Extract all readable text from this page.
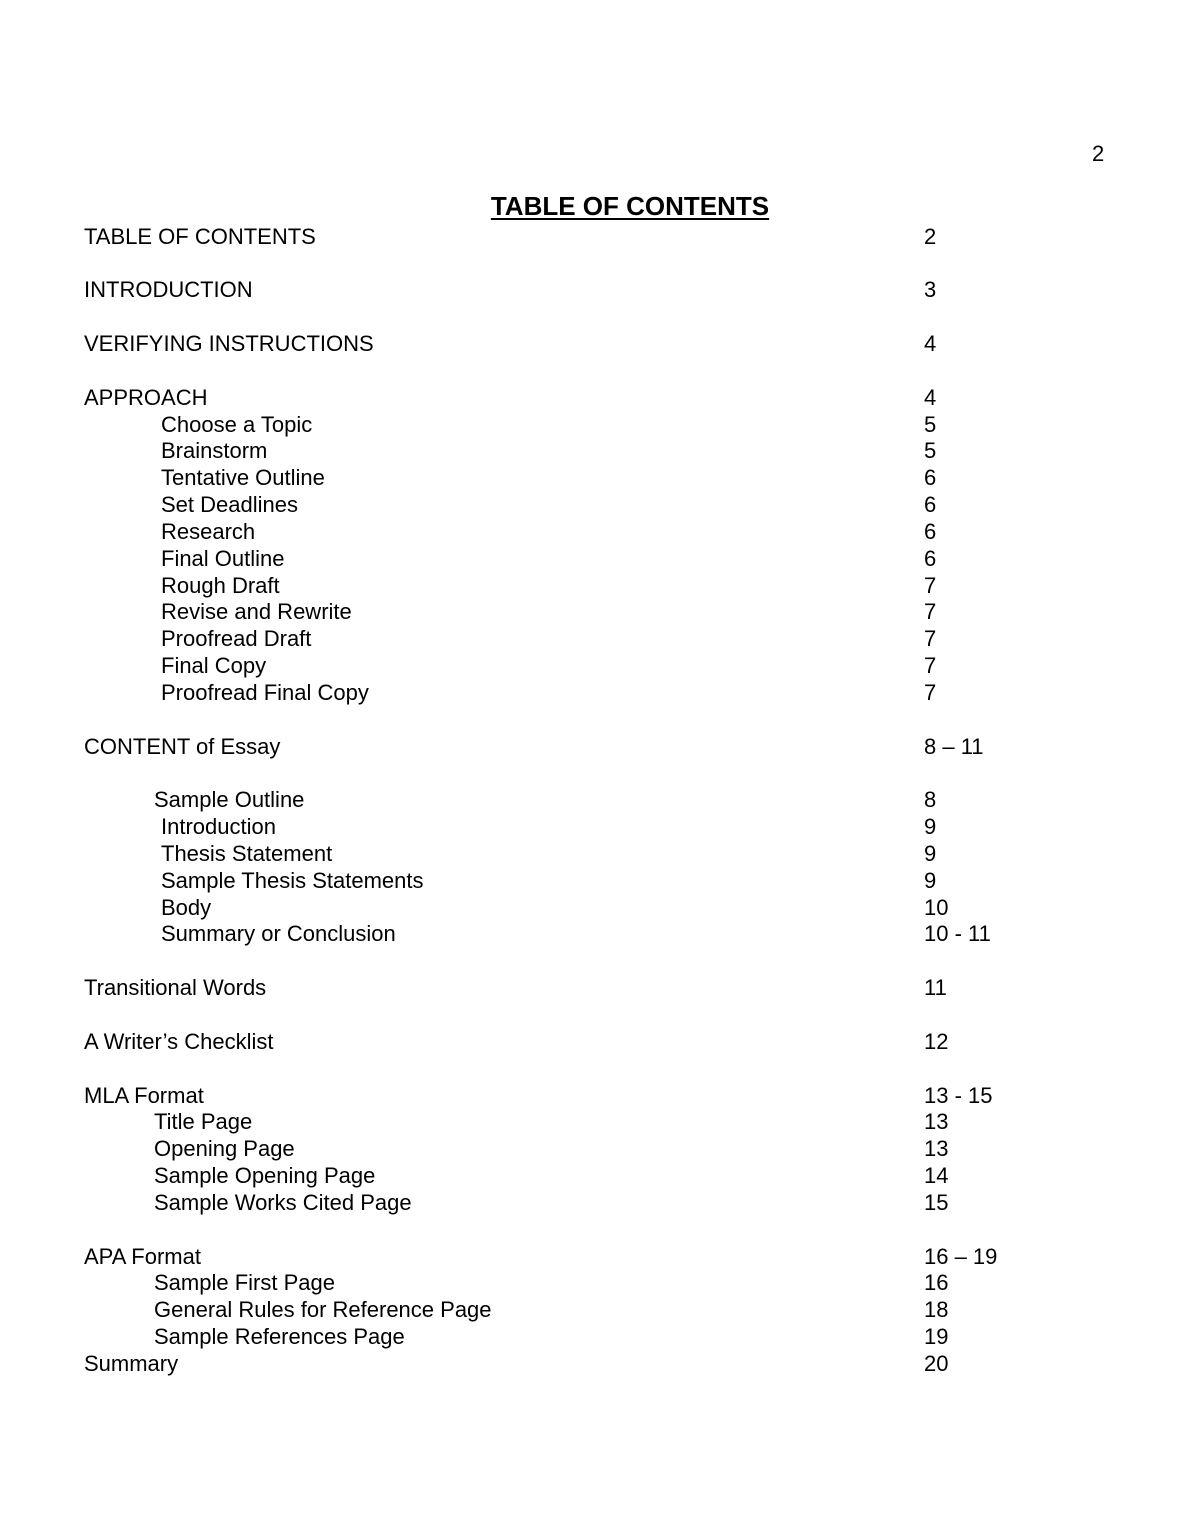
2
TABLE OF CONTENTS
TABLE OF CONTENTS	2
INTRODUCTION	3
VERIFYING INSTRUCTIONS	4
APPROACH	4
Choose a Topic	5
Brainstorm	5
Tentative Outline	6
Set Deadlines	6
Research	6
Final Outline	6
Rough Draft	7
Revise and Rewrite	7
Proofread Draft	7
Final Copy	7
Proofread Final Copy	7
CONTENT of Essay	8 – 11
Sample Outline	8
Introduction	9
Thesis Statement	9
Sample Thesis Statements	9
Body	10
Summary or Conclusion	10 - 11
Transitional Words	11
A Writer’s Checklist	12
MLA Format	13 - 15
Title Page	13
Opening Page	13
Sample Opening Page	14
Sample Works Cited Page	15
APA Format	16 – 19
Sample First Page	16
General Rules for Reference Page	18
Sample References Page	19
Summary	20
